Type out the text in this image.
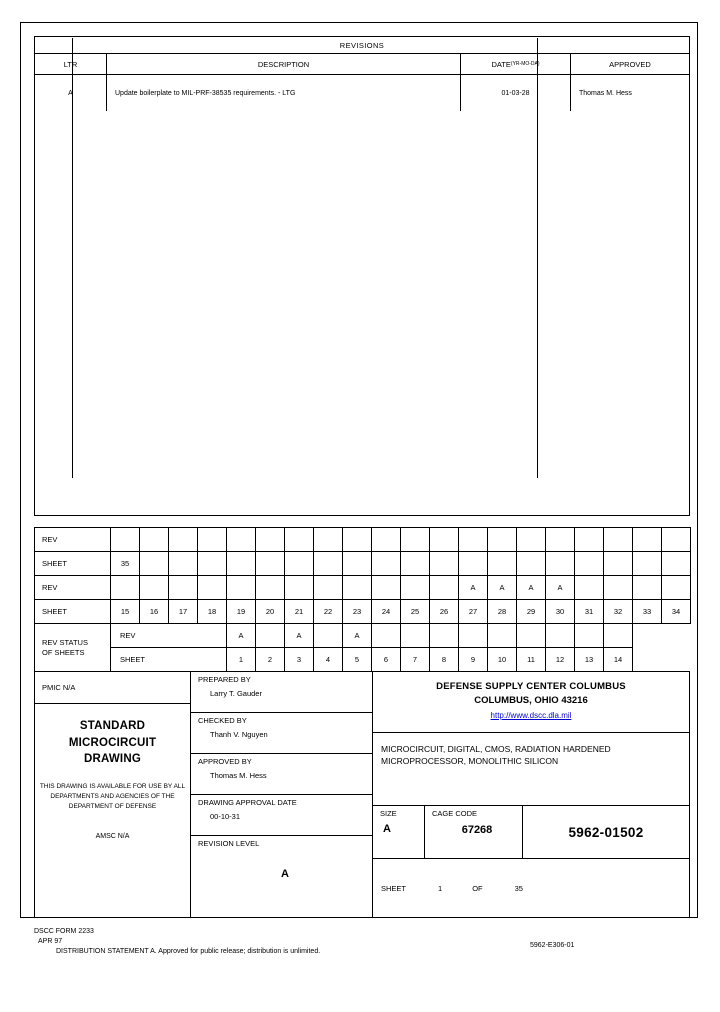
REVISIONS
LTR	DESCRIPTION	DATE (YR-MO-DA)	APPROVED
A	Update boilerplate to MIL-PRF-38535 requirements. - LTG	01-03-28	Thomas M. Hess
REV																				
SHEET	35																			
REV													A	A	A	A				
SHEET	15	16	17	18	19	20	21	22	23	24	25	26	27	28	29	30	31	32	33	34

REV STATUS
OF SHEETS	REV				A		A		A											
	SHEET				1	2	3	4	5	6	7	8	9	10	11	12	13	14		
PMIC N/A
STANDARD
MICROCIRCUIT
DRAWING
THIS DRAWING IS AVAILABLE FOR USE BY ALL DEPARTMENTS AND AGENCIES OF THE DEPARTMENT OF DEFENSE
AMSC N/A
PREPARED BY
Larry T. Gauder
CHECKED BY
Thanh V. Nguyen
APPROVED BY
Thomas M. Hess
DRAWING APPROVAL DATE
00-10-31
REVISION LEVEL
A
DEFENSE SUPPLY CENTER COLUMBUS
COLUMBUS, OHIO 43216
http://www.dscc.dla.mil
MICROCIRCUIT, DIGITAL, CMOS, RADIATION HARDENED MICROPROCESSOR, MONOLITHIC SILICON
SIZE
A
CAGE CODE
67268	5962-01502
SHEET	1	OF	35
DSCC FORM 2233
APR 97
DISTRIBUTION STATEMENT A. Approved for public release; distribution is unlimited.
5962-E306-01
